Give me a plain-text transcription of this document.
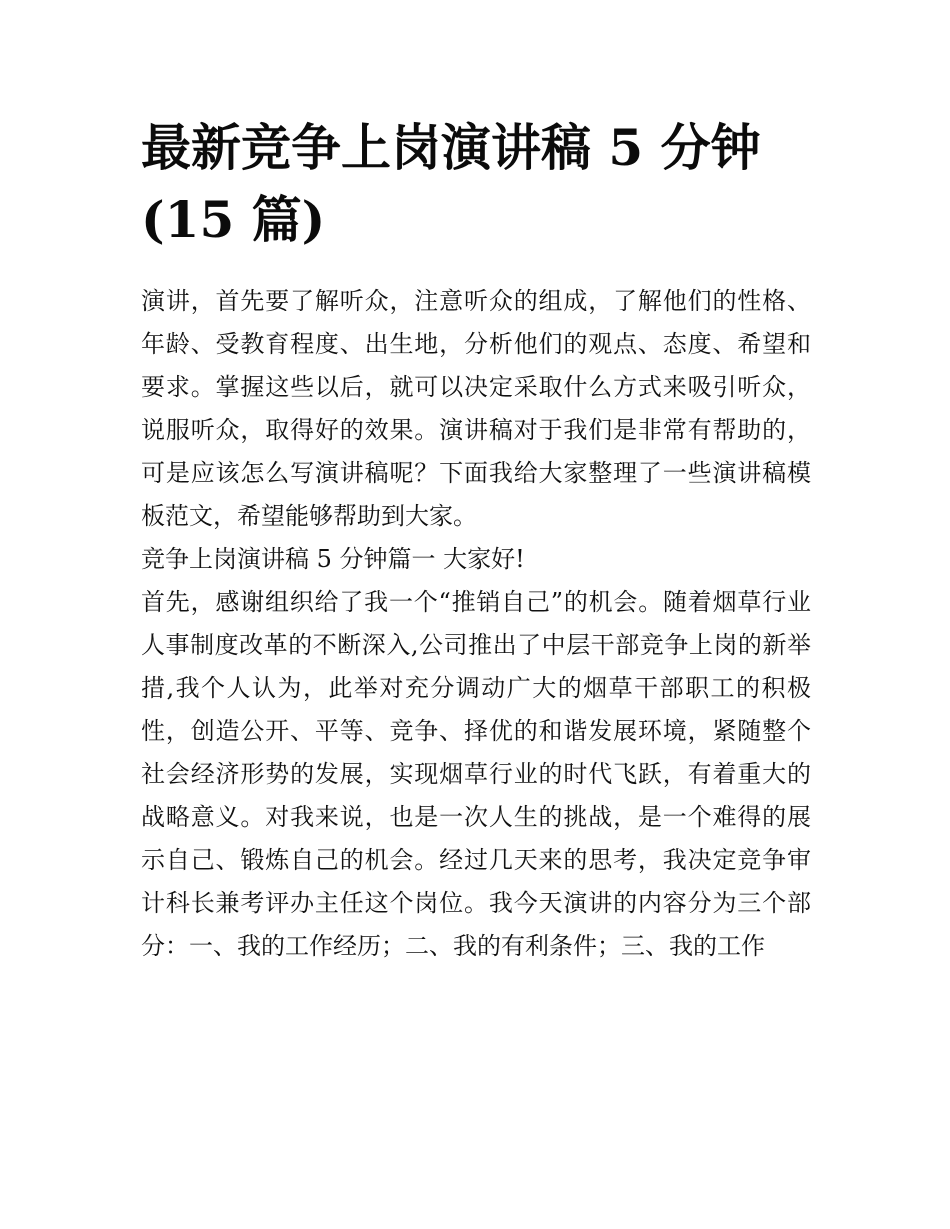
最新竞争上岗演讲稿 5 分钟(15 篇)

演讲，首先要了解听众，注意听众的组成，了解他们的性格、年龄、受教育程度、出生地，分析他们的观点、态度、希望和要求。掌握这些以后，就可以决定采取什么方式来吸引听众，说服听众，取得好的效果。演讲稿对于我们是非常有帮助的，可是应该怎么写演讲稿呢？下面我给大家整理了一些演讲稿模板范文，希望能够帮助到大家。

竞争上岗演讲稿 5 分钟篇一 大家好!

首先，感谢组织给了我一个“推销自己”的机会。随着烟草行业人事制度改革的不断深入,公司推出了中层干部竞争上岗的新举措,我个人认为，此举对充分调动广大的烟草干部职工的积极性，创造公开、平等、竞争、择优的和谐发展环境，紧随整个社会经济形势的发展，实现烟草行业的时代飞跃，有着重大的战略意义。对我来说，也是一次人生的挑战，是一个难得的展示自己、锻炼自己的机会。经过几天来的思考，我决定竞争审计科长兼考评办主任这个岗位。我今天演讲的内容分为三个部分：一、我的工作经历；二、我的有利条件；三、我的工作
